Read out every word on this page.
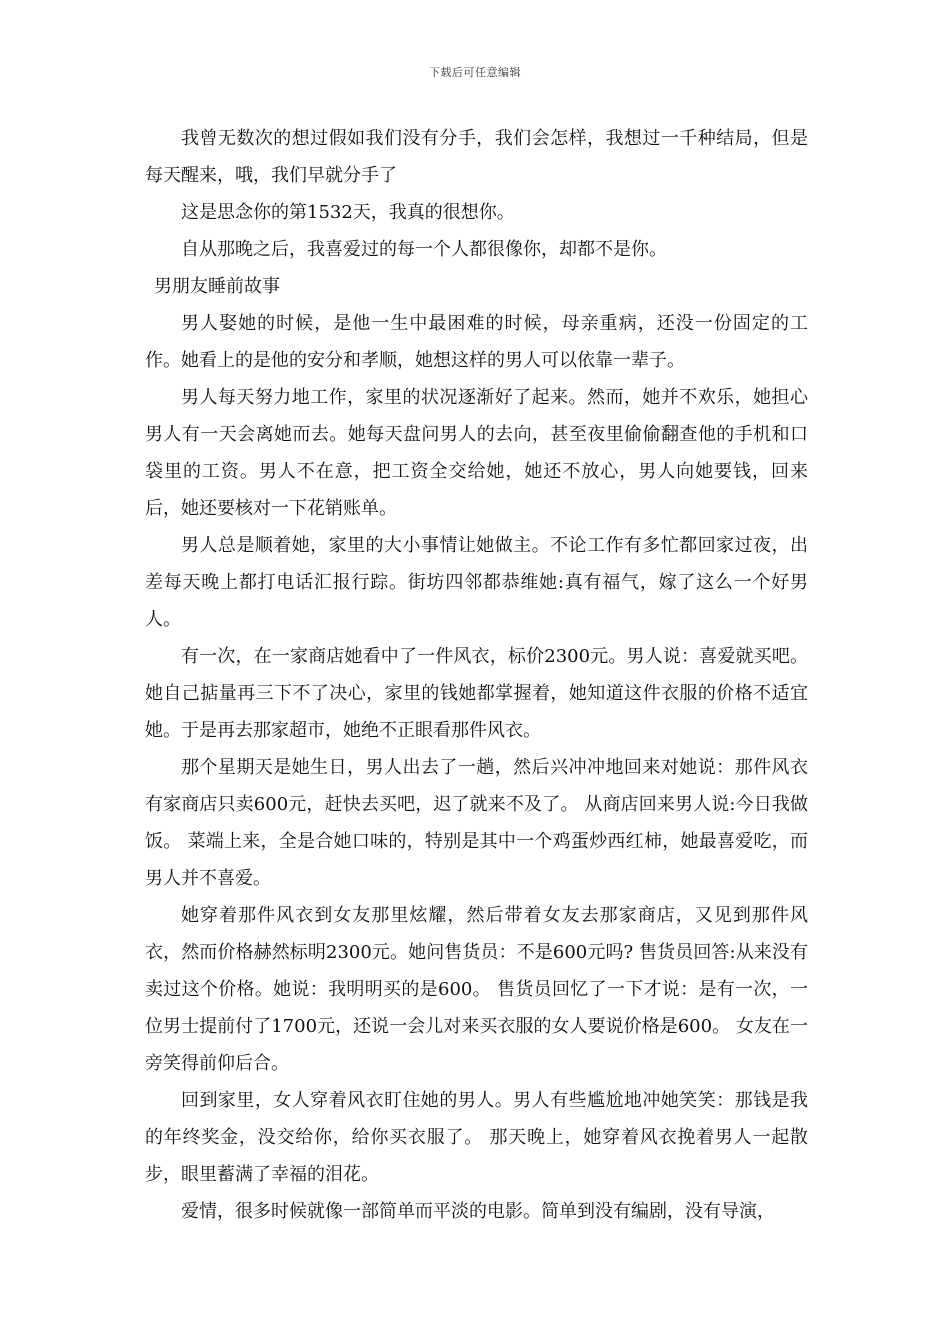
下载后可任意编辑

我曾无数次的想过假如我们没有分手，我们会怎样，我想过一千种结局，但是每天醒来，哦，我们早就分手了

这是思念你的第1532天，我真的很想你。

自从那晚之后，我喜爱过的每一个人都很像你，却都不是你。

男朋友睡前故事

男人娶她的时候，是他一生中最困难的时候，母亲重病，还没一份固定的工作。她看上的是他的安分和孝顺，她想这样的男人可以依靠一辈子。

男人每天努力地工作，家里的状况逐渐好了起来。然而，她并不欢乐，她担心男人有一天会离她而去。她每天盘问男人的去向，甚至夜里偷偷翻查他的手机和口袋里的工资。男人不在意，把工资全交给她，她还不放心，男人向她要钱，回来后，她还要核对一下花销账单。

男人总是顺着她，家里的大小事情让她做主。不论工作有多忙都回家过夜，出差每天晚上都打电话汇报行踪。街坊四邻都恭维她:真有福气，嫁了这么一个好男人。

有一次，在一家商店她看中了一件风衣，标价2300元。男人说：喜爱就买吧。 她自己掂量再三下不了决心，家里的钱她都掌握着，她知道这件衣服的价格不适宜她。于是再去那家超市，她绝不正眼看那件风衣。

那个星期天是她生日，男人出去了一趟，然后兴冲冲地回来对她说：那件风衣有家商店只卖600元，赶快去买吧，迟了就来不及了。 从商店回来男人说:今日我做饭。 菜端上来，全是合她口味的，特别是其中一个鸡蛋炒西红柿，她最喜爱吃，而男人并不喜爱。

她穿着那件风衣到女友那里炫耀，然后带着女友去那家商店，又见到那件风衣，然而价格赫然标明2300元。她问售货员：不是600元吗? 售货员回答:从来没有卖过这个价格。她说：我明明买的是600。 售货员回忆了一下才说：是有一次，一位男士提前付了1700元，还说一会儿对来买衣服的女人要说价格是600。 女友在一旁笑得前仰后合。

回到家里，女人穿着风衣盯住她的男人。男人有些尴尬地冲她笑笑：那钱是我的年终奖金，没交给你，给你买衣服了。 那天晚上，她穿着风衣挽着男人一起散步，眼里蓄满了幸福的泪花。

爱情，很多时候就像一部简单而平淡的电影。简单到没有编剧，没有导演，
